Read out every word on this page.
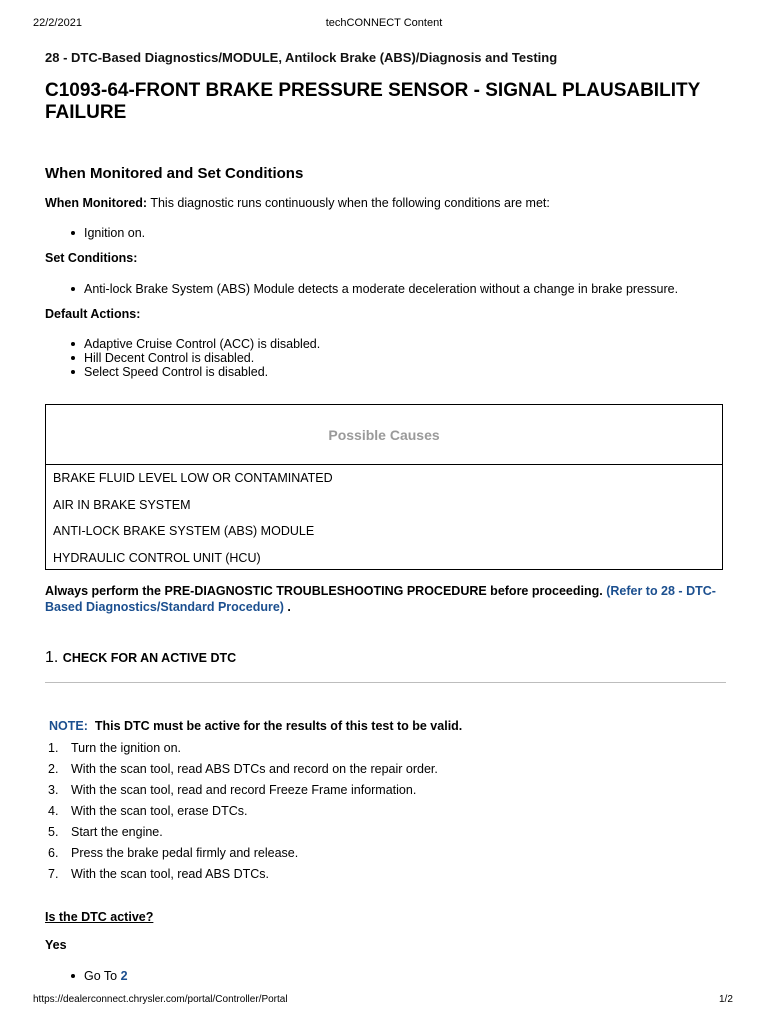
techCONNECT Content
22/2/2021
28 - DTC-Based Diagnostics/MODULE, Antilock Brake (ABS)/Diagnosis and Testing
C1093-64-FRONT BRAKE PRESSURE SENSOR - SIGNAL PLAUSABILITY FAILURE
When Monitored and Set Conditions
When Monitored: This diagnostic runs continuously when the following conditions are met:
Ignition on.
Set Conditions:
Anti-lock Brake System (ABS) Module detects a moderate deceleration without a change in brake pressure.
Default Actions:
Adaptive Cruise Control (ACC) is disabled.
Hill Decent Control is disabled.
Select Speed Control is disabled.
Possible Causes
BRAKE FLUID LEVEL LOW OR CONTAMINATED
AIR IN BRAKE SYSTEM
ANTI-LOCK BRAKE SYSTEM (ABS) MODULE
HYDRAULIC CONTROL UNIT (HCU)
Always perform the PRE-DIAGNOSTIC TROUBLESHOOTING PROCEDURE before proceeding. (Refer to 28 - DTC-Based Diagnostics/Standard Procedure) .
1. CHECK FOR AN ACTIVE DTC
NOTE: This DTC must be active for the results of this test to be valid.
1. Turn the ignition on.
2. With the scan tool, read ABS DTCs and record on the repair order.
3. With the scan tool, read and record Freeze Frame information.
4. With the scan tool, erase DTCs.
5. Start the engine.
6. Press the brake pedal firmly and release.
7. With the scan tool, read ABS DTCs.
Is the DTC active?
Yes
Go To 2
https://dealerconnect.chrysler.com/portal/Controller/Portal	1/2
